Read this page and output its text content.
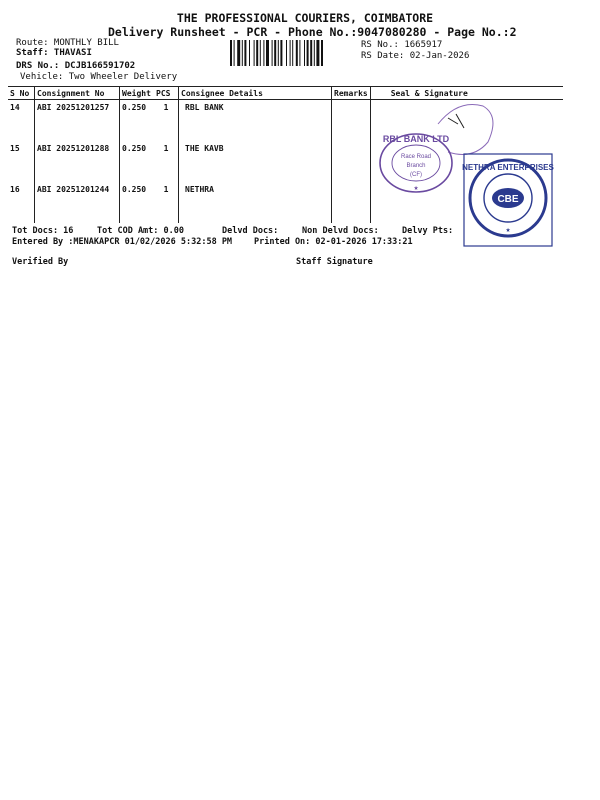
THE PROFESSIONAL COURIERS, COIMBATORE
Delivery Runsheet - PCR - Phone No.:9047080280 - Page No.:2
Route: MONTHLY BILL
Staff: THAVASI
DRS No.: DCJB166591702
Vehicle: Two Wheeler Delivery
RS No.: 1665917
RS Date: 02-Jan-2026
S No	Consignment No	Weight	PCS	Consignee Details	Remarks	Seal & Signature
14	ABI 20251201257	0.250	1	RBL BANK		
15	ABI 20251201288	0.250	1	THE KAVB		
16	ABI 20251201244	0.250	1	NETHRA		
RBL BANK LTD
Race Road
Branch
(CF)
★
NETHRA ENTERPRISES
CBE
★
Tot Docs: 16	Tot COD Amt: 0.00	Delvd Docs:	Non Delvd Docs:	Delvy Pts:
Entered By :MENAKAPCR 01/02/2026 5:32:58 PM	Printed On: 02-01-2026 17:33:21
Verified By	Staff Signature
